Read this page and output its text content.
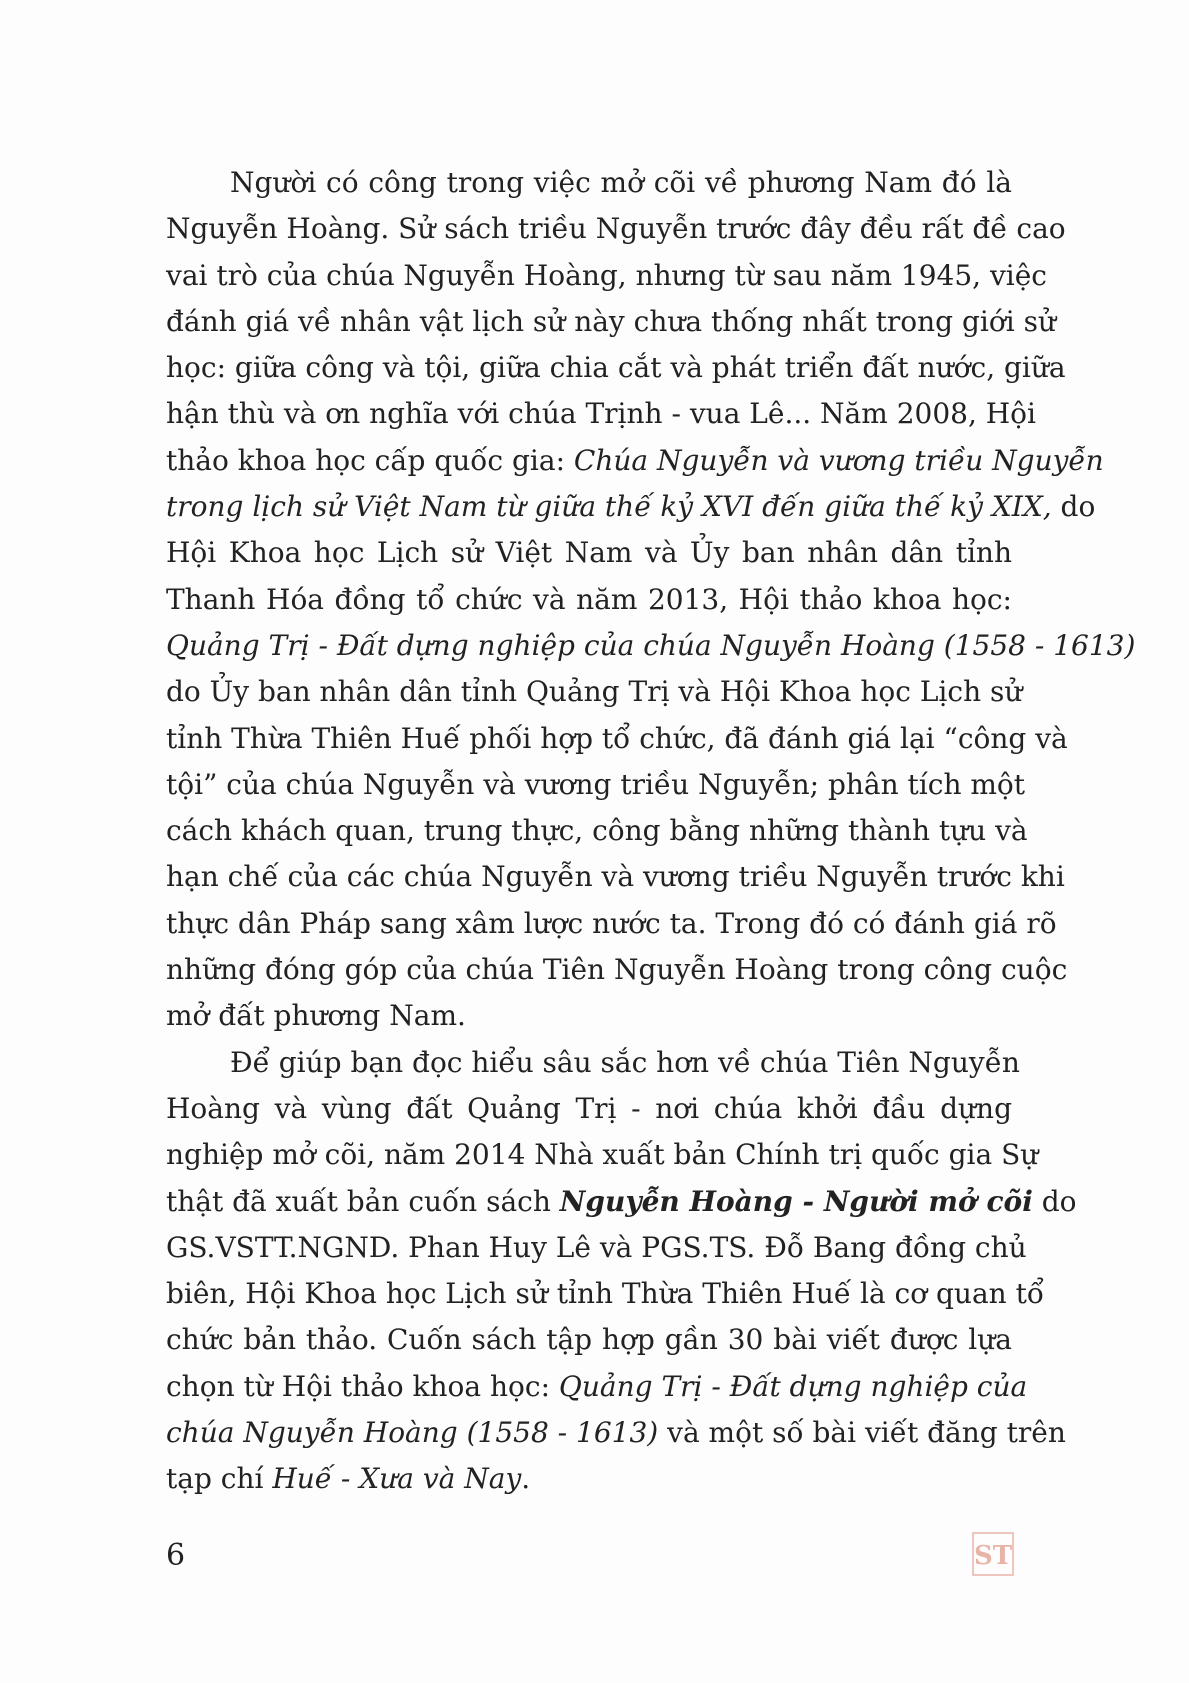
Người có công trong việc mở cõi về phương Nam đó là
Nguyễn Hoàng. Sử sách triều Nguyễn trước đây đều rất đề cao
vai trò của chúa Nguyễn Hoàng, nhưng từ sau năm 1945, việc
đánh giá về nhân vật lịch sử này chưa thống nhất trong giới sử
học: giữa công và tội, giữa chia cắt và phát triển đất nước, giữa
hận thù và ơn nghĩa với chúa Trịnh - vua Lê... Năm 2008, Hội
thảo khoa học cấp quốc gia: Chúa Nguyễn và vương triều Nguyễn
trong lịch sử Việt Nam từ giữa thế kỷ XVI đến giữa thế kỷ XIX, do
Hội Khoa học Lịch sử Việt Nam và Ủy ban nhân dân tỉnh
Thanh Hóa đồng tổ chức và năm 2013, Hội thảo khoa học:
Quảng Trị - Đất dựng nghiệp của chúa Nguyễn Hoàng (1558 - 1613)
do Ủy ban nhân dân tỉnh Quảng Trị và Hội Khoa học Lịch sử
tỉnh Thừa Thiên Huế phối hợp tổ chức, đã đánh giá lại “công và
tội” của chúa Nguyễn và vương triều Nguyễn; phân tích một
cách khách quan, trung thực, công bằng những thành tựu và
hạn chế của các chúa Nguyễn và vương triều Nguyễn trước khi
thực dân Pháp sang xâm lược nước ta. Trong đó có đánh giá rõ
những đóng góp của chúa Tiên Nguyễn Hoàng trong công cuộc
mở đất phương Nam.
Để giúp bạn đọc hiểu sâu sắc hơn về chúa Tiên Nguyễn
Hoàng và vùng đất Quảng Trị - nơi chúa khởi đầu dựng
nghiệp mở cõi, năm 2014 Nhà xuất bản Chính trị quốc gia Sự
thật đã xuất bản cuốn sách Nguyễn Hoàng - Người mở cõi do
GS.VSTT.NGND. Phan Huy Lê và PGS.TS. Đỗ Bang đồng chủ
biên, Hội Khoa học Lịch sử tỉnh Thừa Thiên Huế là cơ quan tổ
chức bản thảo. Cuốn sách tập hợp gần 30 bài viết được lựa
chọn từ Hội thảo khoa học: Quảng Trị - Đất dựng nghiệp của
chúa Nguyễn Hoàng (1558 - 1613) và một số bài viết đăng trên
tạp chí Huế - Xưa và Nay.
6	ST
